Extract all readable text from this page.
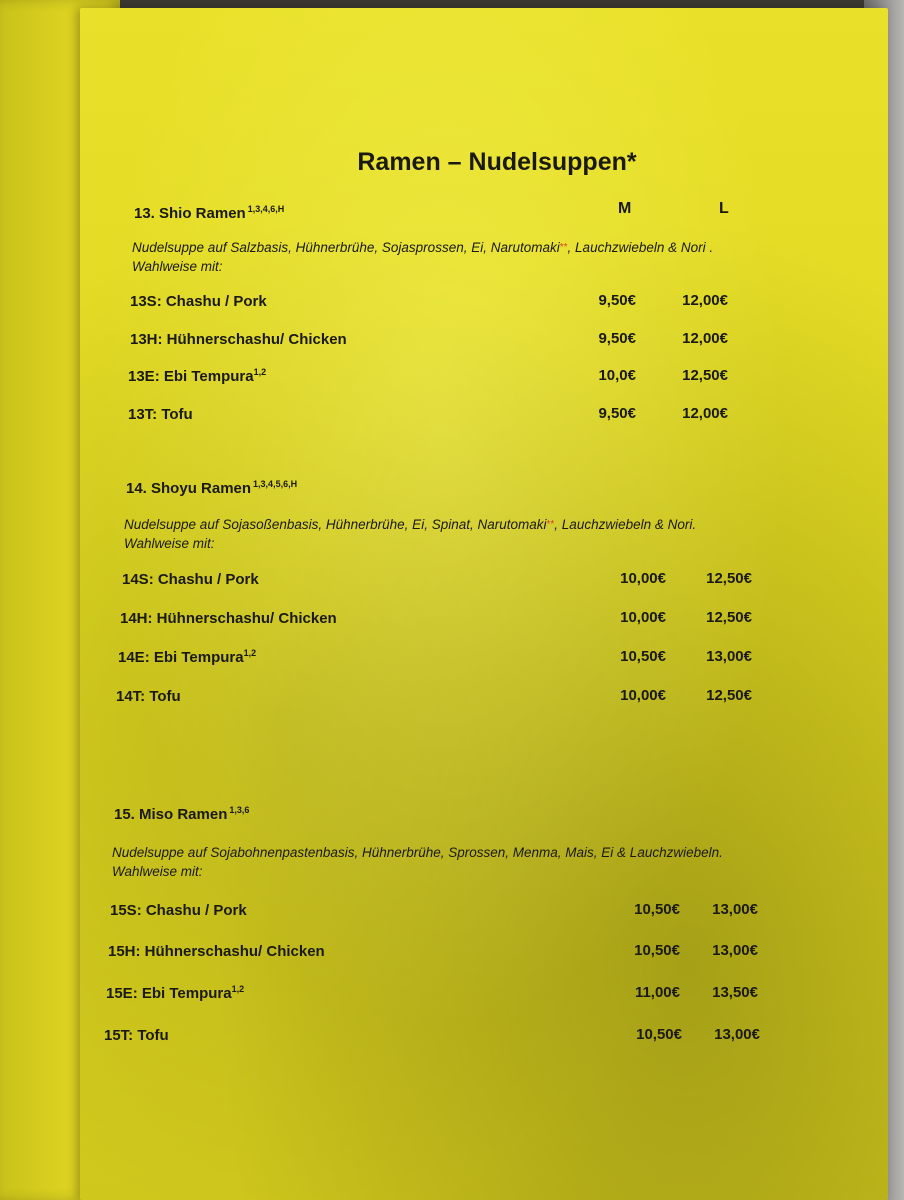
Ramen – Nudelsuppen*
M	L
13. Shio Ramen $^{1,3,4,6,H}$
Nudelsuppe auf Salzbasis, Hühnerbrühe, Sojasprossen, Ei, Narutomaki**, Lauchzwiebeln & Nori . Wahlweise mit:
13S: Chashu / Pork	9,50€	12,00€
13H: Hühnerschashu/ Chicken	9,50€	12,00€
13E: Ebi Tempura$^{1,2}$	10,0€	12,50€
13T: Tofu	9,50€	12,00€
14. Shoyu Ramen $^{1,3,4,5,6,H}$
Nudelsuppe auf Sojasoßenbasis, Hühnerbrühe, Ei, Spinat, Narutomaki**, Lauchzwiebeln & Nori. Wahlweise mit:
14S: Chashu / Pork	10,00€	12,50€
14H: Hühnerschashu/ Chicken	10,00€	12,50€
14E: Ebi Tempura$^{1,2}$	10,50€	13,00€
14T: Tofu	10,00€	12,50€
15. Miso Ramen $^{1,3,6}$
Nudelsuppe auf Sojabohnenpastenbasis, Hühnerbrühe, Sprossen, Menma, Mais, Ei & Lauchzwiebeln. Wahlweise mit:
15S: Chashu / Pork	10,50€	13,00€
15H: Hühnerschashu/ Chicken	10,50€	13,00€
15E: Ebi Tempura$^{1,2}$	11,00€	13,50€
15T: Tofu	10,50€	13,00€
